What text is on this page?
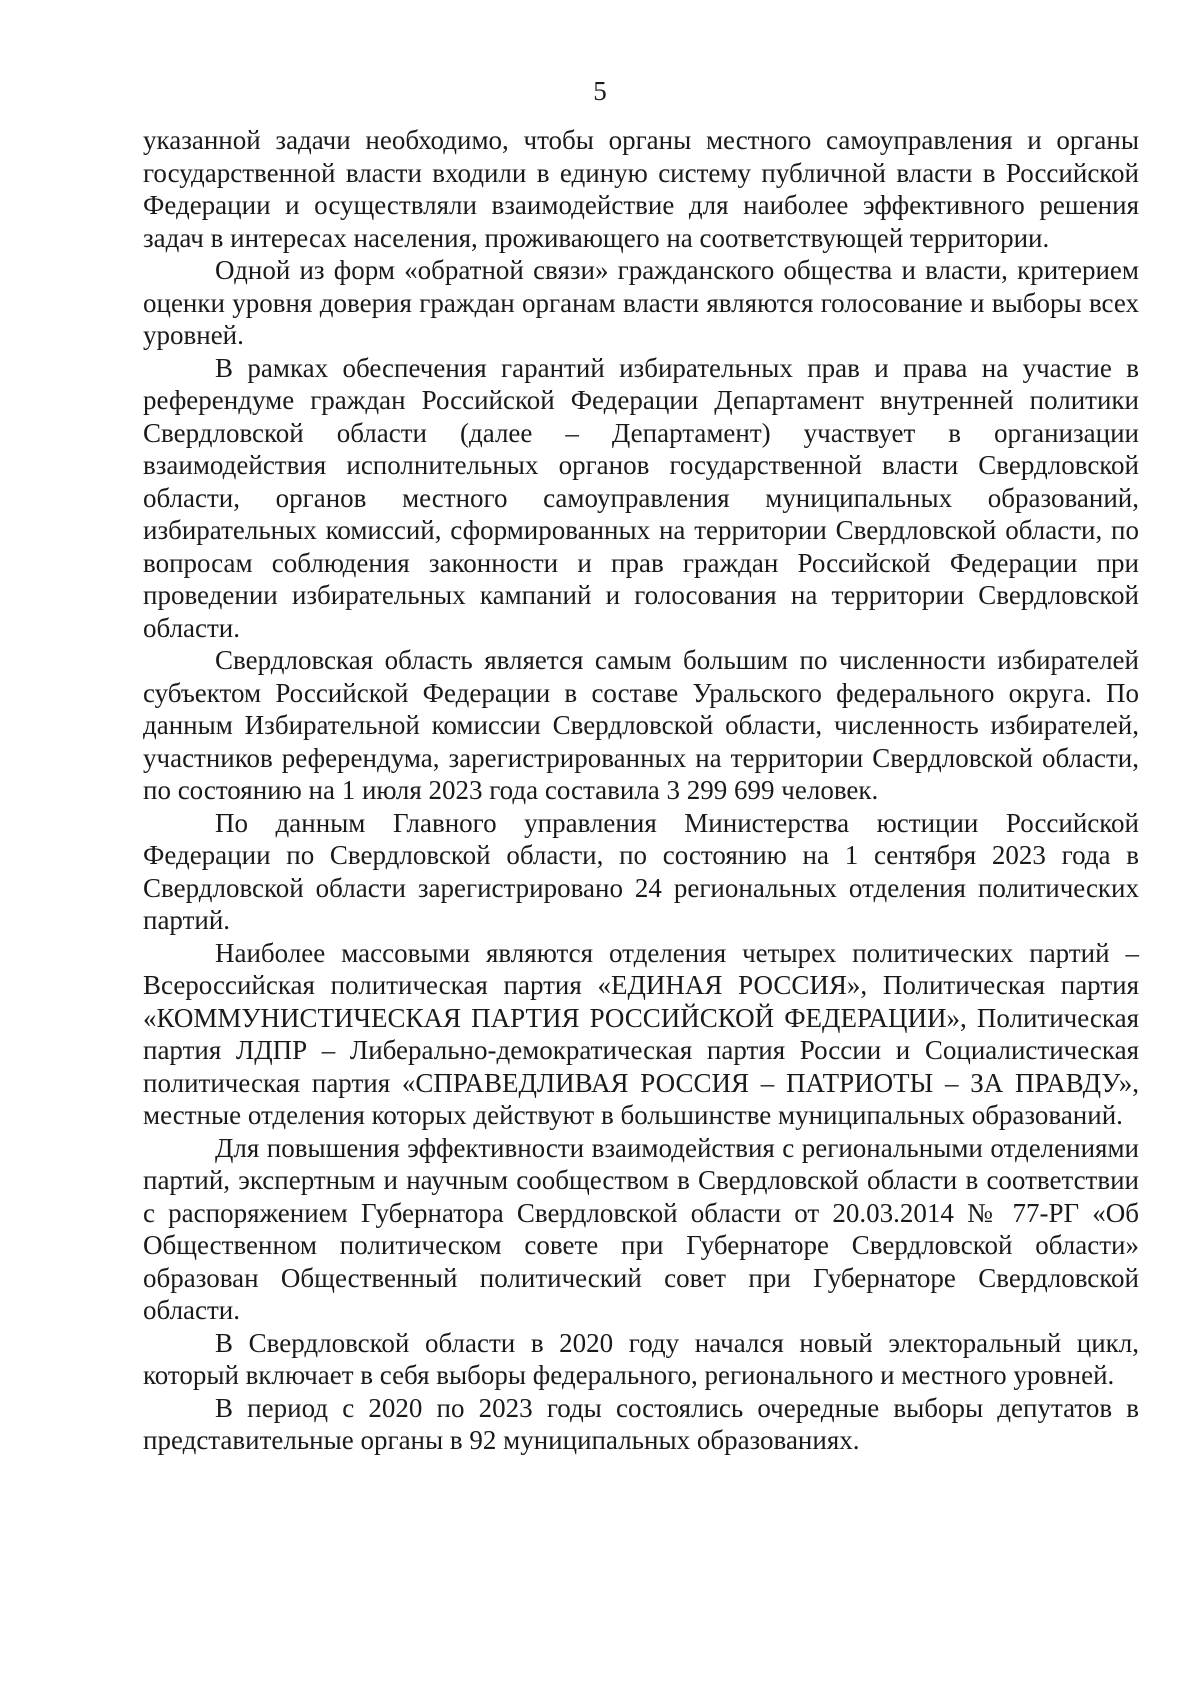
5

указанной задачи необходимо, чтобы органы местного самоуправления и органы государственной власти входили в единую систему публичной власти в Российской Федерации и осуществляли взаимодействие для наиболее эффективного решения задач в интересах населения, проживающего на соответствующей территории.

Одной из форм «обратной связи» гражданского общества и власти, критерием оценки уровня доверия граждан органам власти являются голосование и выборы всех уровней.

В рамках обеспечения гарантий избирательных прав и права на участие в референдуме граждан Российской Федерации Департамент внутренней политики Свердловской области (далее – Департамент) участвует в организации взаимодействия исполнительных органов государственной власти Свердловской области, органов местного самоуправления муниципальных образований, избирательных комиссий, сформированных на территории Свердловской области, по вопросам соблюдения законности и прав граждан Российской Федерации при проведении избирательных кампаний и голосования на территории Свердловской области.

Свердловская область является самым большим по численности избирателей субъектом Российской Федерации в составе Уральского федерального округа. По данным Избирательной комиссии Свердловской области, численность избирателей, участников референдума, зарегистрированных на территории Свердловской области, по состоянию на 1 июля 2023 года составила 3 299 699 человек.

По данным Главного управления Министерства юстиции Российской Федерации по Свердловской области, по состоянию на 1 сентября 2023 года в Свердловской области зарегистрировано 24 региональных отделения политических партий.

Наиболее массовыми являются отделения четырех политических партий – Всероссийская политическая партия «ЕДИНАЯ РОССИЯ», Политическая партия «КОММУНИСТИЧЕСКАЯ ПАРТИЯ РОССИЙСКОЙ ФЕДЕРАЦИИ», Политическая партия ЛДПР – Либерально-демократическая партия России и Социалистическая политическая партия «СПРАВЕДЛИВАЯ РОССИЯ – ПАТРИОТЫ – ЗА ПРАВДУ», местные отделения которых действуют в большинстве муниципальных образований.

Для повышения эффективности взаимодействия с региональными отделениями партий, экспертным и научным сообществом в Свердловской области в соответствии с распоряжением Губернатора Свердловской области от 20.03.2014 № 77-РГ «Об Общественном политическом совете при Губернаторе Свердловской области» образован Общественный политический совет при Губернаторе Свердловской области.

В Свердловской области в 2020 году начался новый электоральный цикл, который включает в себя выборы федерального, регионального и местного уровней.

В период с 2020 по 2023 годы состоялись очередные выборы депутатов в представительные органы в 92 муниципальных образованиях.
